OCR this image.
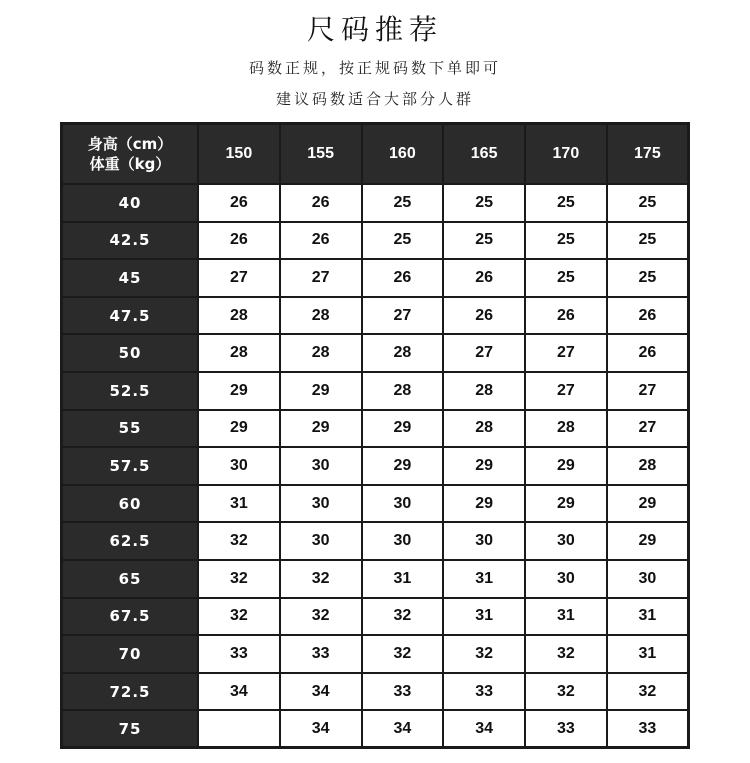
尺码推荐
码数正规，按正规码数下单即可
建议码数适合大部分人群
身高（cm）
体重（kg）	150	155	160	165	170	175
40	26	26	25	25	25	25
42.5	26	26	25	25	25	25
45	27	27	26	26	25	25
47.5	28	28	27	26	26	26
50	28	28	28	27	27	26
52.5	29	29	28	28	27	27
55	29	29	29	28	28	27
57.5	30	30	29	29	29	28
60	31	30	30	29	29	29
62.5	32	30	30	30	30	29
65	32	32	31	31	30	30
67.5	32	32	32	31	31	31
70	33	33	32	32	32	31
72.5	34	34	33	33	32	32
75		34	34	34	33	33
